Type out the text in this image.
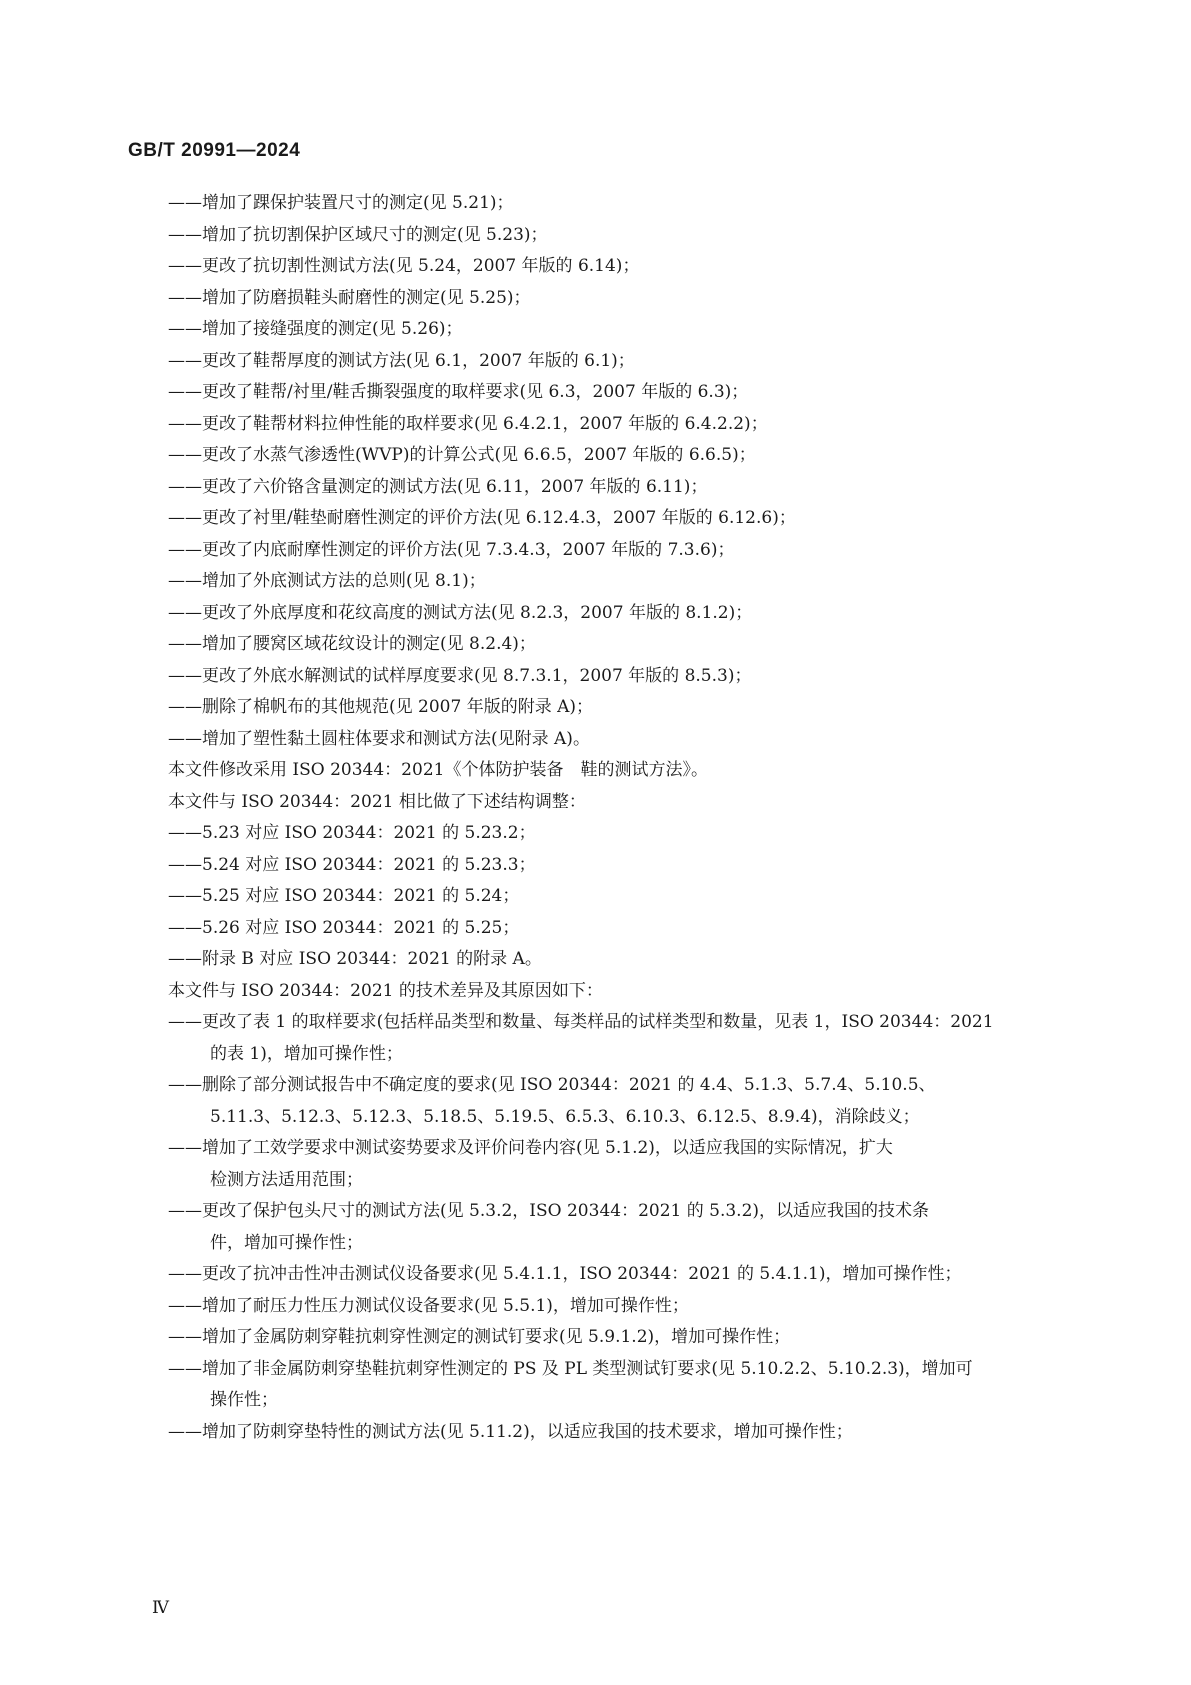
GB/T 20991—2024
——增加了踝保护装置尺寸的测定(见 5.21)；
——增加了抗切割保护区域尺寸的测定(见 5.23)；
——更改了抗切割性测试方法(见 5.24，2007 年版的 6.14)；
——增加了防磨损鞋头耐磨性的测定(见 5.25)；
——增加了接缝强度的测定(见 5.26)；
——更改了鞋帮厚度的测试方法(见 6.1，2007 年版的 6.1)；
——更改了鞋帮/衬里/鞋舌撕裂强度的取样要求(见 6.3，2007 年版的 6.3)；
——更改了鞋帮材料拉伸性能的取样要求(见 6.4.2.1，2007 年版的 6.4.2.2)；
——更改了水蒸气渗透性(WVP)的计算公式(见 6.6.5，2007 年版的 6.6.5)；
——更改了六价铬含量测定的测试方法(见 6.11，2007 年版的 6.11)；
——更改了衬里/鞋垫耐磨性测定的评价方法(见 6.12.4.3，2007 年版的 6.12.6)；
——更改了内底耐摩性测定的评价方法(见 7.3.4.3，2007 年版的 7.3.6)；
——增加了外底测试方法的总则(见 8.1)；
——更改了外底厚度和花纹高度的测试方法(见 8.2.3，2007 年版的 8.1.2)；
——增加了腰窝区域花纹设计的测定(见 8.2.4)；
——更改了外底水解测试的试样厚度要求(见 8.7.3.1，2007 年版的 8.5.3)；
——删除了棉帆布的其他规范(见 2007 年版的附录 A)；
——增加了塑性黏土圆柱体要求和测试方法(见附录 A)。
本文件修改采用 ISO 20344：2021《个体防护装备　鞋的测试方法》。
本文件与 ISO 20344：2021 相比做了下述结构调整：
——5.23 对应 ISO 20344：2021 的 5.23.2；
——5.24 对应 ISO 20344：2021 的 5.23.3；
——5.25 对应 ISO 20344：2021 的 5.24；
——5.26 对应 ISO 20344：2021 的 5.25；
——附录 B 对应 ISO 20344：2021 的附录 A。
本文件与 ISO 20344：2021 的技术差异及其原因如下：
——更改了表 1 的取样要求(包括样品类型和数量、每类样品的试样类型和数量，见表 1，ISO 20344：2021
的表 1)，增加可操作性；
——删除了部分测试报告中不确定度的要求(见 ISO 20344：2021 的 4.4、5.1.3、5.7.4、5.10.5、
5.11.3、5.12.3、5.12.3、5.18.5、5.19.5、6.5.3、6.10.3、6.12.5、8.9.4)，消除歧义；
——增加了工效学要求中测试姿势要求及评价问卷内容(见 5.1.2)，以适应我国的实际情况，扩大
检测方法适用范围；
——更改了保护包头尺寸的测试方法(见 5.3.2，ISO 20344：2021 的 5.3.2)，以适应我国的技术条
件，增加可操作性；
——更改了抗冲击性冲击测试仪设备要求(见 5.4.1.1，ISO 20344：2021 的 5.4.1.1)，增加可操作性；
——增加了耐压力性压力测试仪设备要求(见 5.5.1)，增加可操作性；
——增加了金属防刺穿鞋抗刺穿性测定的测试钉要求(见 5.9.1.2)，增加可操作性；
——增加了非金属防刺穿垫鞋抗刺穿性测定的 PS 及 PL 类型测试钉要求(见 5.10.2.2、5.10.2.3)，增加可
操作性；
——增加了防刺穿垫特性的测试方法(见 5.11.2)，以适应我国的技术要求，增加可操作性；
Ⅳ
